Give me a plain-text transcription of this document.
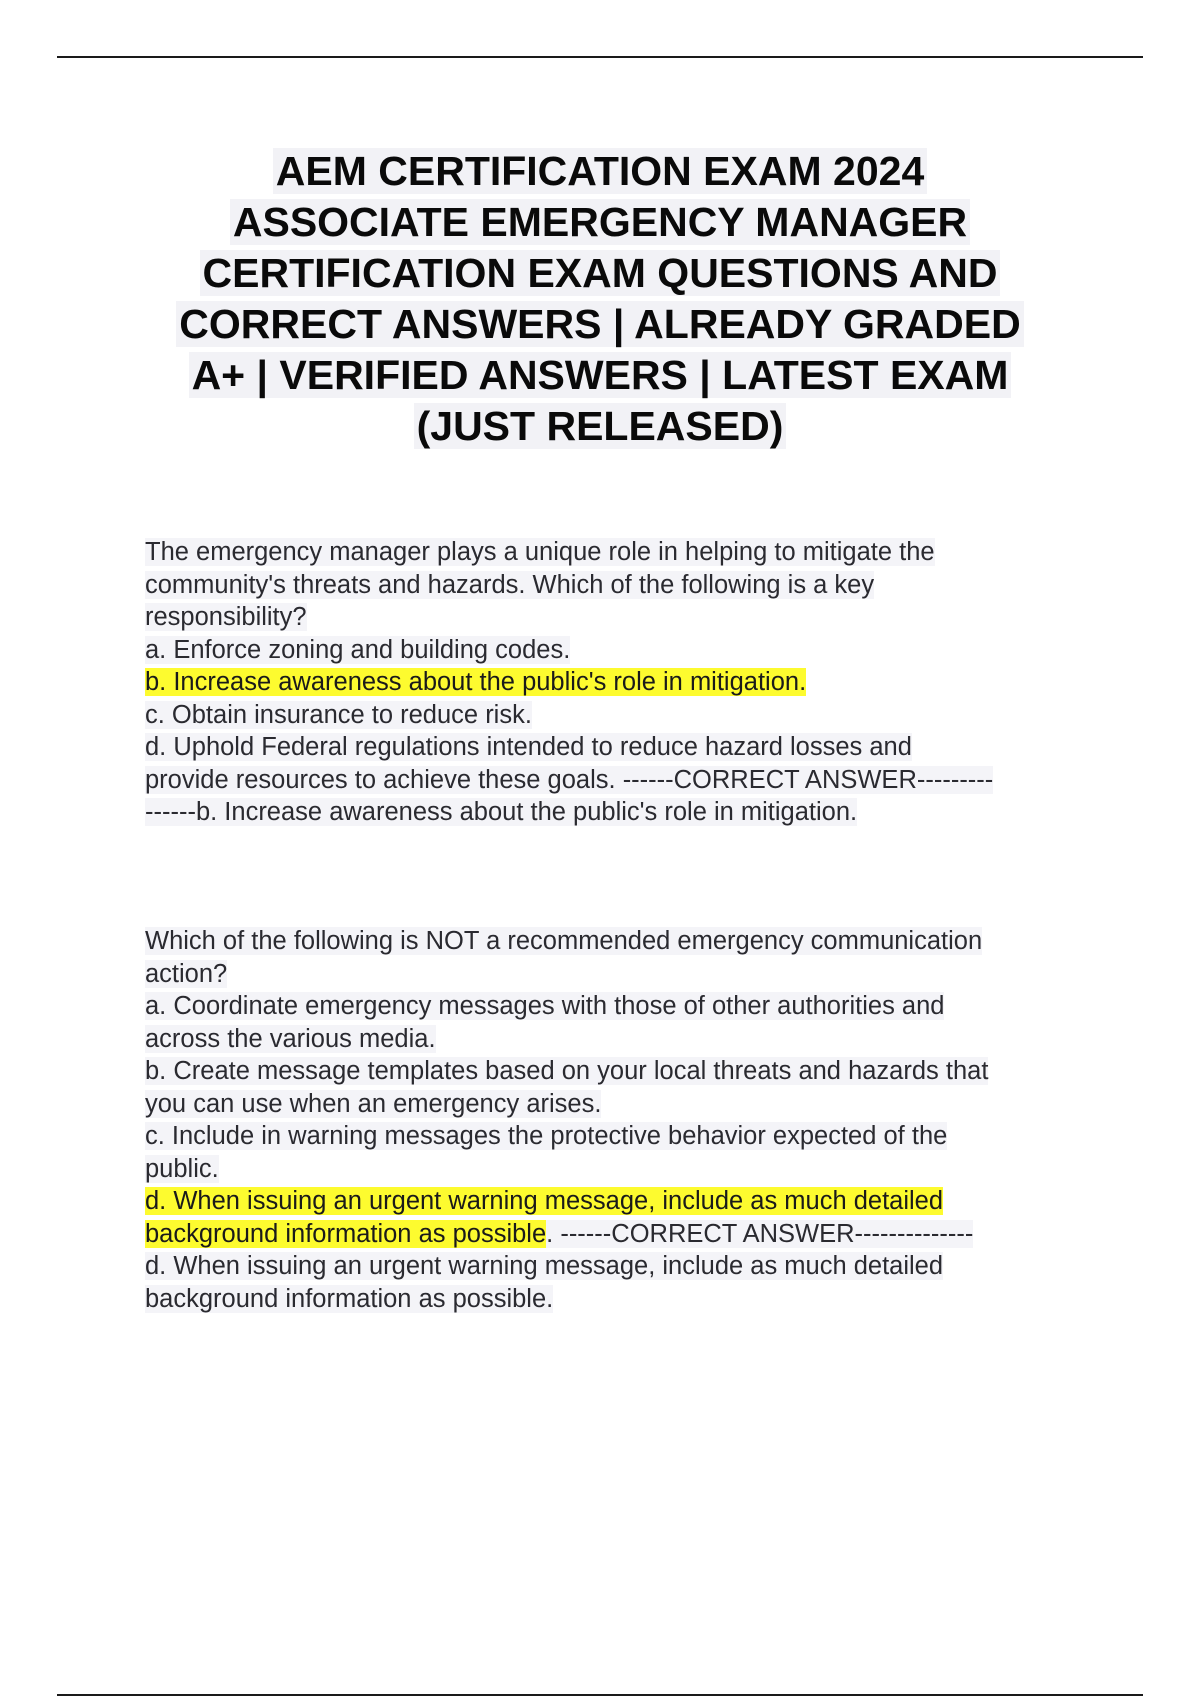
AEM CERTIFICATION EXAM 2024
ASSOCIATE EMERGENCY MANAGER
CERTIFICATION EXAM QUESTIONS AND
CORRECT ANSWERS | ALREADY GRADED
A+ | VERIFIED ANSWERS | LATEST EXAM
(JUST RELEASED)
The emergency manager plays a unique role in helping to mitigate the
community's threats and hazards. Which of the following is a key
responsibility?
a. Enforce zoning and building codes.
b. Increase awareness about the public's role in mitigation.
c. Obtain insurance to reduce risk.
d. Uphold Federal regulations intended to reduce hazard losses and
provide resources to achieve these goals. ------CORRECT ANSWER---------
------b. Increase awareness about the public's role in mitigation.
Which of the following is NOT a recommended emergency communication
action?
a. Coordinate emergency messages with those of other authorities and
across the various media.
b. Create message templates based on your local threats and hazards that
you can use when an emergency arises.
c. Include in warning messages the protective behavior expected of the
public.
d. When issuing an urgent warning message, include as much detailed
background information as possible. ------CORRECT ANSWER--------------
d. When issuing an urgent warning message, include as much detailed
background information as possible.
